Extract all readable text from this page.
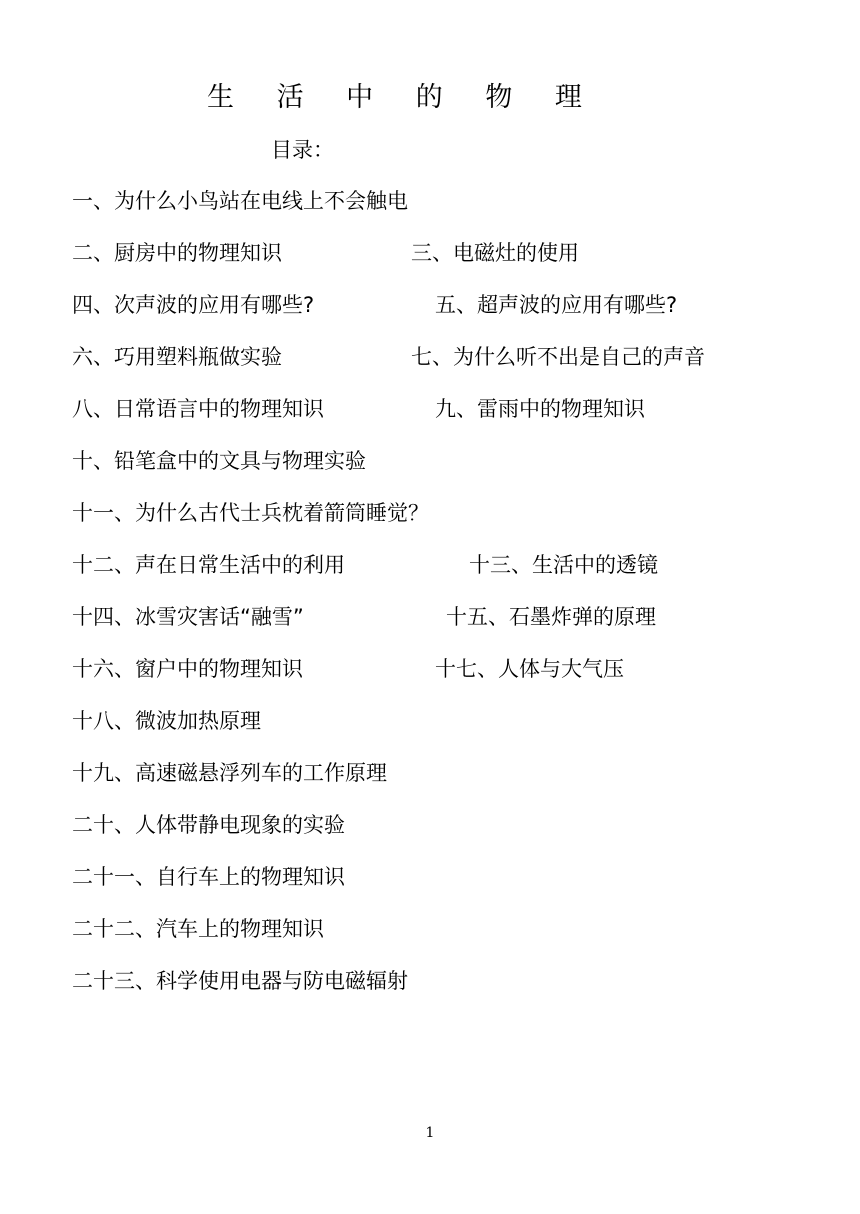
生 活 中 的 物 理
目录：
一、为什么小鸟站在电线上不会触电
二、厨房中的物理知识	三、电磁灶的使用
四、次声波的应用有哪些?	五、超声波的应用有哪些?
六、巧用塑料瓶做实验	七、为什么听不出是自己的声音
八、日常语言中的物理知识	九、雷雨中的物理知识
十、铅笔盒中的文具与物理实验
十一、为什么古代士兵枕着箭筒睡觉？
十二、声在日常生活中的利用	十三、生活中的透镜
十四、冰雪灾害话“融雪”	十五、石墨炸弹的原理
十六、窗户中的物理知识	十七、人体与大气压
十八、微波加热原理
十九、高速磁悬浮列车的工作原理
二十、人体带静电现象的实验
二十一、自行车上的物理知识
二十二、汽车上的物理知识
二十三、科学使用电器与防电磁辐射
1
